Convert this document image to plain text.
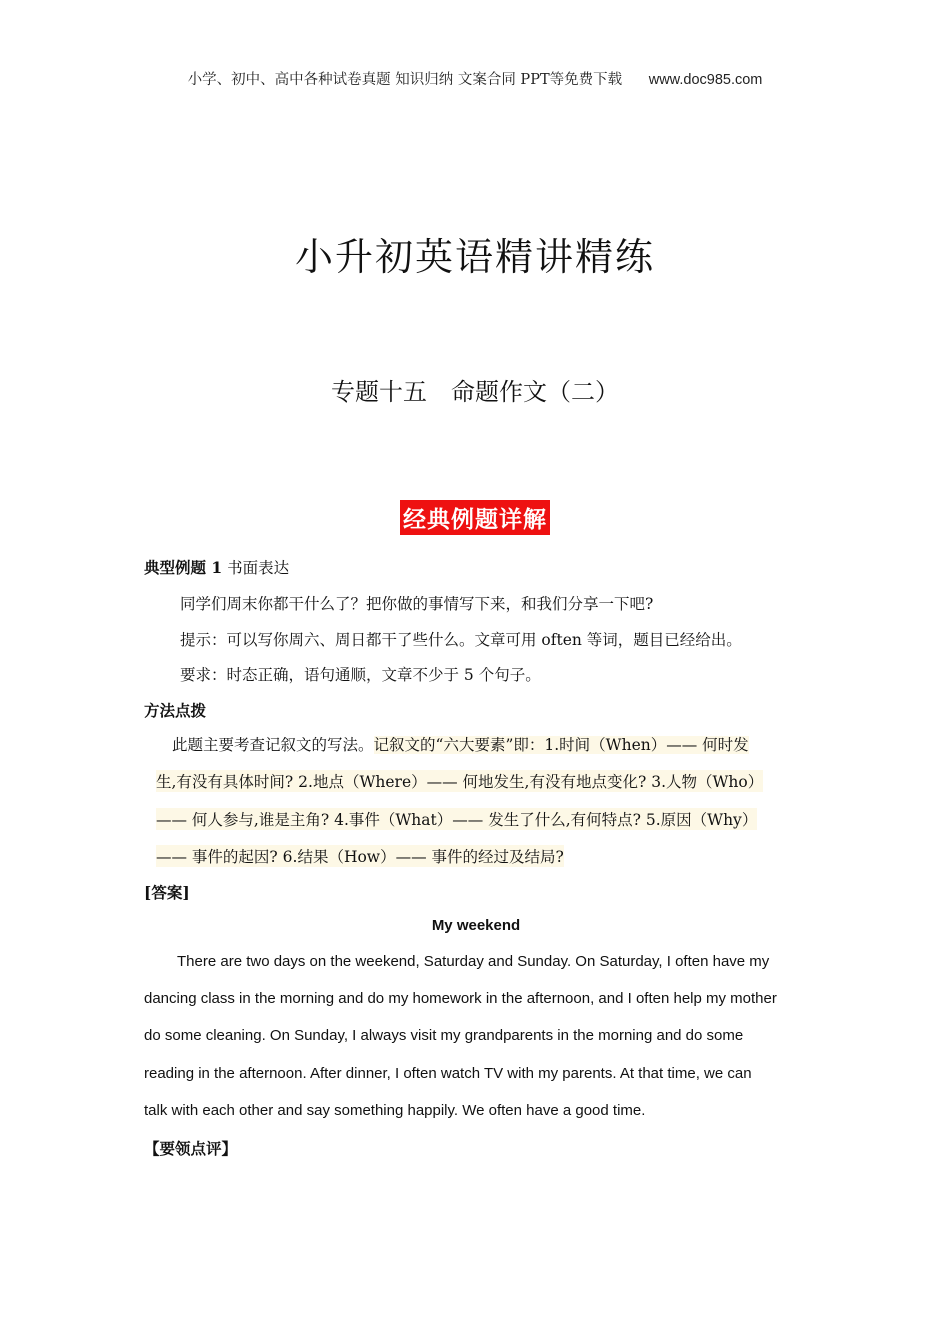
小学、初中、高中各种试卷真题 知识归纳 文案合同 PPT等免费下载 www.doc985.com
小升初英语精讲精练
专题十五　命题作文（二）
经典例题详解
典型例题 1 书面表达
同学们周末你都干什么了？把你做的事情写下来，和我们分享一下吧?
提示：可以写你周六、周日都干了些什么。文章可用 often 等词，题目已经给出。
要求：时态正确，语句通顺，文章不少于 5 个句子。
方法点拨
此题主要考查记叙文的写法。记叙文的“六大要素”即：1.时间（When）—— 何时发
生,有没有具体时间? 2.地点（Where）—— 何地发生,有没有地点变化? 3.人物（Who）
—— 何人参与,谁是主角? 4.事件（What）—— 发生了什么,有何特点? 5.原因（Why）
—— 事件的起因? 6.结果（How）—— 事件的经过及结局?
[答案]
My weekend
There are two days on the weekend, Saturday and Sunday. On Saturday, I often have my
dancing class in the morning and do my homework in the afternoon, and I often help my mother
do some cleaning. On Sunday, I always visit my grandparents in the morning and do some
reading in the afternoon. After dinner, I often watch TV with my parents. At that time, we can
talk with each other and say something happily. We often have a good time.
【要领点评】
